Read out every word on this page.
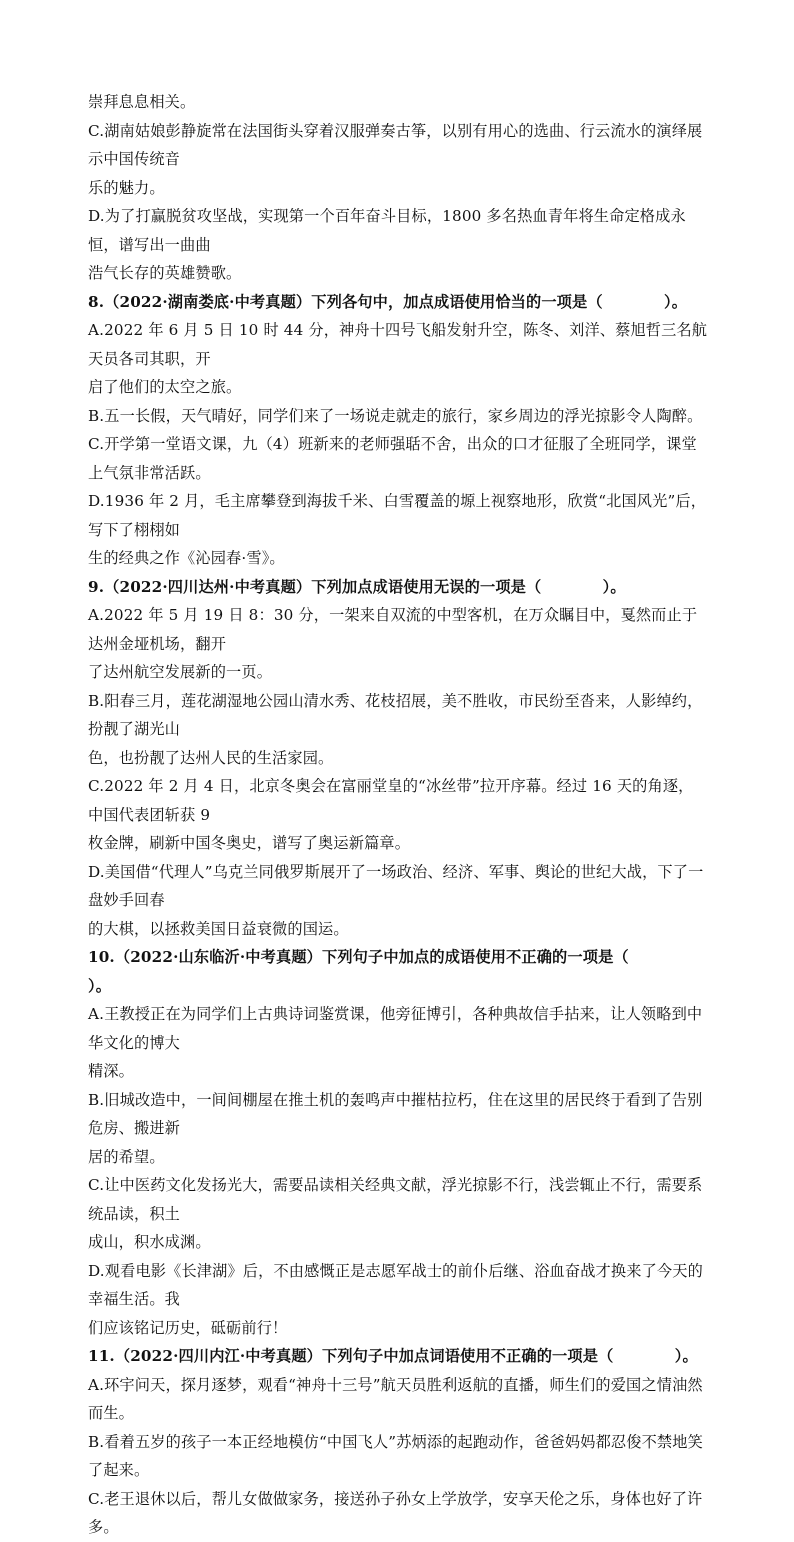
崇拜息息相关。
C.湖南姑娘彭静旋常在法国街头穿着汉服弹奏古筝，以别有用心的选曲、行云流水的演绎展示中国传统音
乐的魅力。
D.为了打赢脱贫攻坚战，实现第一个百年奋斗目标，1800 多名热血青年将生命定格成永恒，谱写出一曲曲
浩气长存的英雄赞歌。
8.（2022·湖南娄底·中考真题）下列各句中，加点成语使用恰当的一项是（　　　　）。
A.2022 年 6 月 5 日 10 时 44 分，神舟十四号飞船发射升空，陈冬、刘洋、蔡旭哲三名航天员各司其职，开
启了他们的太空之旅。
B.五一长假，天气晴好，同学们来了一场说走就走的旅行，家乡周边的浮光掠影令人陶醉。
C.开学第一堂语文课，九（4）班新来的老师强聒不舍，出众的口才征服了全班同学，课堂上气氛非常活跃。
D.1936 年 2 月，毛主席攀登到海拔千米、白雪覆盖的塬上视察地形，欣赏“北国风光”后，写下了栩栩如
生的经典之作《沁园春·雪》。
9.（2022·四川达州·中考真题）下列加点成语使用无误的一项是（　　　　）。
A.2022 年 5 月 19 日 8：30 分，一架来自双流的中型客机，在万众瞩目中，戛然而止于达州金垭机场，翻开
了达州航空发展新的一页。
B.阳春三月，莲花湖湿地公园山清水秀、花枝招展，美不胜收，市民纷至沓来，人影绰约，扮靓了湖光山
色，也扮靓了达州人民的生活家园。
C.2022 年 2 月 4 日，北京冬奥会在富丽堂皇的“冰丝带”拉开序幕。经过 16 天的角逐，中国代表团斩获 9
枚金牌，刷新中国冬奥史，谱写了奥运新篇章。
D.美国借“代理人”乌克兰同俄罗斯展开了一场政治、经济、军事、舆论的世纪大战，下了一盘妙手回春
的大棋，以拯救美国日益衰微的国运。
10.（2022·山东临沂·中考真题）下列句子中加点的成语使用不正确的一项是（　　　　）。
A.王教授正在为同学们上古典诗词鉴赏课，他旁征博引，各种典故信手拈来，让人领略到中华文化的博大
精深。
B.旧城改造中，一间间棚屋在推土机的轰鸣声中摧枯拉朽，住在这里的居民终于看到了告别危房、搬进新
居的希望。
C.让中医药文化发扬光大，需要品读相关经典文献，浮光掠影不行，浅尝辄止不行，需要系统品读，积土
成山，积水成渊。
D.观看电影《长津湖》后，不由感慨正是志愿军战士的前仆后继、浴血奋战才换来了今天的幸福生活。我
们应该铭记历史，砥砺前行！
11.（2022·四川内江·中考真题）下列句子中加点词语使用不正确的一项是（　　　　）。
A.环宇问天，探月逐梦，观看“神舟十三号”航天员胜利返航的直播，师生们的爱国之情油然而生。
B.看着五岁的孩子一本正经地模仿“中国飞人”苏炳添的起跑动作，爸爸妈妈都忍俊不禁地笑了起来。
C.老王退休以后，帮儿女做做家务，接送孙子孙女上学放学，安享天伦之乐，身体也好了许多。
